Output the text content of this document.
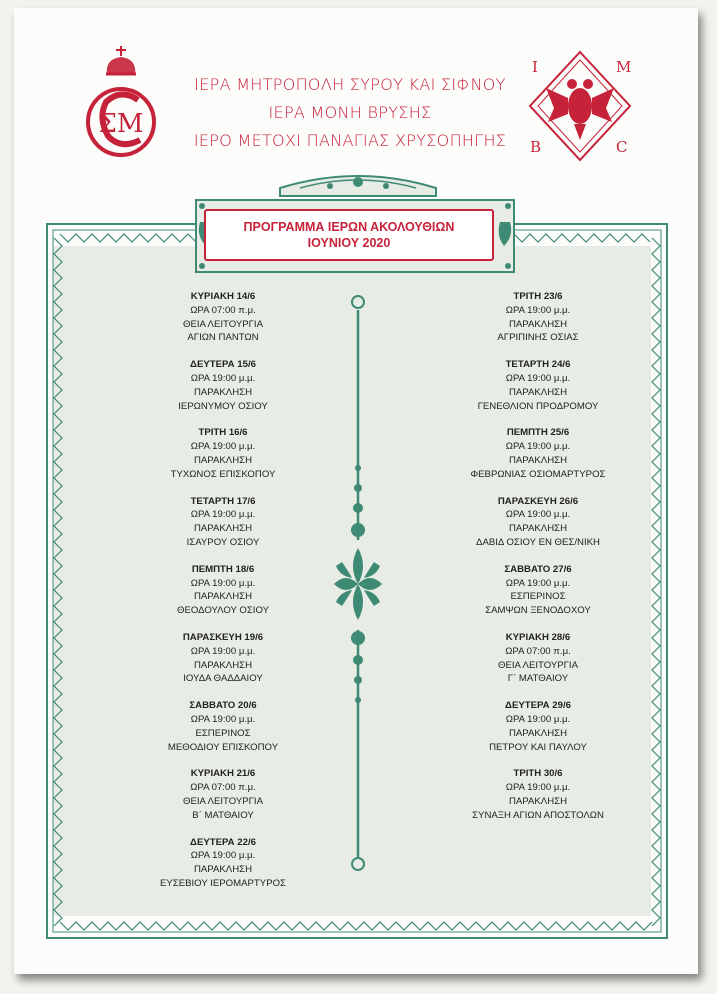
ΣΜ
ΙΕΡΑ ΜΗΤΡΟΠΟΛΗ ΣΥΡΟΥ ΚΑΙ ΣΙΦΝΟΥ
ΙΕΡΑ ΜΟΝΗ ΒΡΥΣΗΣ
ΙΕΡΟ ΜΕΤΟΧΙ ΠΑΝΑΓΙΑΣ ΧΡΥΣΟΠΗΓΗΣ
Ι	Μ
Β	С
ΠΡΟΓΡΑΜΜΑ ΙΕΡΩΝ ΑΚΟΛΟΥΘΙΩΝ
ΙΟΥΝΙΟΥ 2020
ΚΥΡΙΑΚΗ 14/6
ΩΡΑ 07:00 π.μ.
ΘΕΙΑ ΛΕΙΤΟΥΡΓΙΑ
ΑΓΙΩΝ ΠΑΝΤΩΝ
ΔΕΥΤΕΡΑ 15/6
ΩΡΑ 19:00 μ.μ.
ΠΑΡΑΚΛΗΣΗ
ΙΕΡΩΝΥΜΟΥ ΟΣΙΟΥ
ΤΡΙΤΗ 16/6
ΩΡΑ 19:00 μ.μ.
ΠΑΡΑΚΛΗΣΗ
ΤΥΧΩΝΟΣ ΕΠΙΣΚΟΠΟΥ
ΤΕΤΑΡΤΗ 17/6
ΩΡΑ 19:00 μ.μ.
ΠΑΡΑΚΛΗΣΗ
ΙΣΑΥΡΟΥ ΟΣΙΟΥ
ΠΕΜΠΤΗ 18/6
ΩΡΑ 19:00 μ.μ.
ΠΑΡΑΚΛΗΣΗ
ΘΕΟΔΟΥΛΟΥ ΟΣΙΟΥ
ΠΑΡΑΣΚΕΥΗ 19/6
ΩΡΑ 19:00 μ.μ.
ΠΑΡΑΚΛΗΣΗ
ΙΟΥΔΑ ΘΑΔΔΑΙΟΥ
ΣΑΒΒΑΤΟ 20/6
ΩΡΑ 19:00 μ.μ.
ΕΣΠΕΡΙΝΟΣ
ΜΕΘΟΔΙΟΥ ΕΠΙΣΚΟΠΟΥ
ΚΥΡΙΑΚΗ 21/6
ΩΡΑ 07:00 π.μ.
ΘΕΙΑ ΛΕΙΤΟΥΡΓΙΑ
Β΄ ΜΑΤΘΑΙΟΥ
ΔΕΥΤΕΡΑ 22/6
ΩΡΑ 19:00 μ.μ.
ΠΑΡΑΚΛΗΣΗ
ΕΥΣΕΒΙΟΥ ΙΕΡΟΜΑΡΤΥΡΟΣ
ΤΡΙΤΗ 23/6
ΩΡΑ 19:00 μ.μ.
ΠΑΡΑΚΛΗΣΗ
ΑΓΡΙΠΙΝΗΣ ΟΣΙΑΣ
ΤΕΤΑΡΤΗ 24/6
ΩΡΑ 19:00 μ.μ.
ΠΑΡΑΚΛΗΣΗ
ΓΕΝΕΘΛΙΟΝ ΠΡΟΔΡΟΜΟΥ
ΠΕΜΠΤΗ 25/6
ΩΡΑ 19:00 μ.μ.
ΠΑΡΑΚΛΗΣΗ
ΦΕΒΡΩΝΙΑΣ ΟΣΙΟΜΑΡΤΥΡΟΣ
ΠΑΡΑΣΚΕΥΗ 26/6
ΩΡΑ 19:00 μ.μ.
ΠΑΡΑΚΛΗΣΗ
ΔΑΒΙΔ ΟΣΙΟΥ ΕΝ ΘΕΣ/ΝΙΚΗ
ΣΑΒΒΑΤΟ 27/6
ΩΡΑ 19:00 μ.μ.
ΕΣΠΕΡΙΝΟΣ
ΣΑΜΨΩΝ ΞΕΝΟΔΟΧΟΥ
ΚΥΡΙΑΚΗ 28/6
ΩΡΑ 07:00 π.μ.
ΘΕΙΑ ΛΕΙΤΟΥΡΓΙΑ
Γ΄ ΜΑΤΘΑΙΟΥ
ΔΕΥΤΕΡΑ 29/6
ΩΡΑ 19:00 μ.μ.
ΠΑΡΑΚΛΗΣΗ
ΠΕΤΡΟΥ ΚΑΙ ΠΑΥΛΟΥ
ΤΡΙΤΗ 30/6
ΩΡΑ 19:00 μ.μ.
ΠΑΡΑΚΛΗΣΗ
ΣΥΝΑΞΗ ΑΓΙΩΝ ΑΠΟΣΤΟΛΩΝ
